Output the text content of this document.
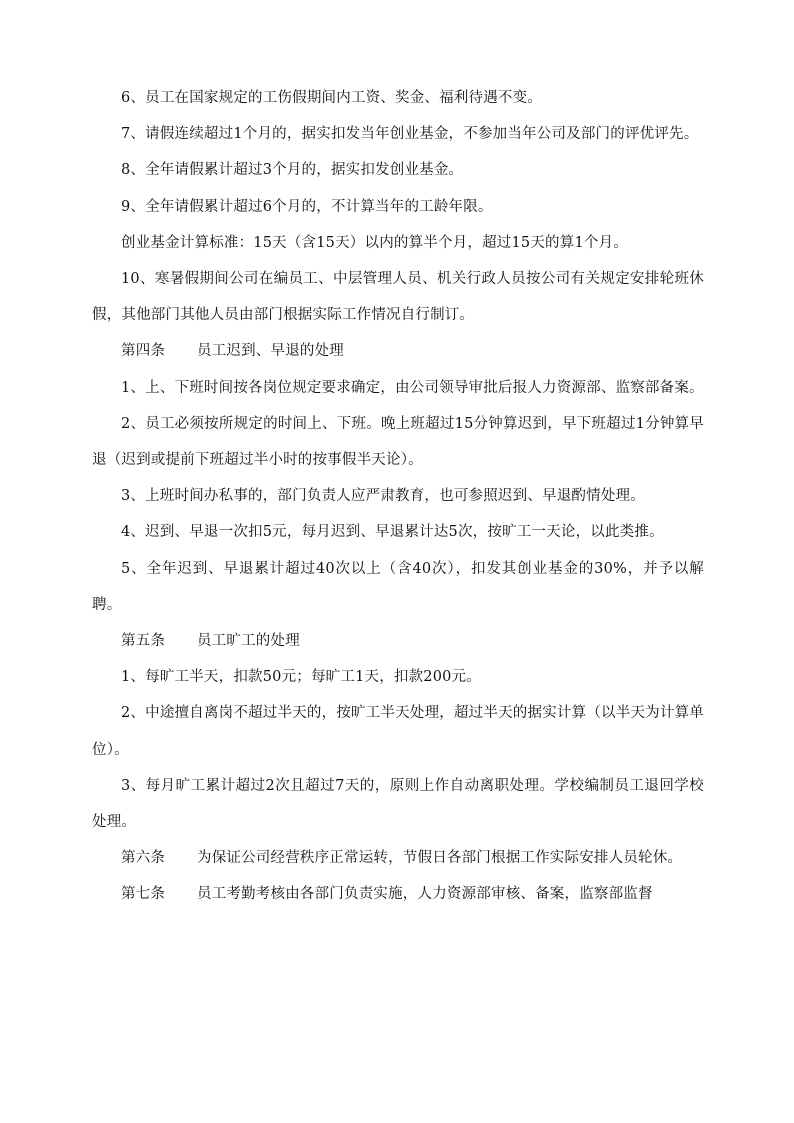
6、员工在国家规定的工伤假期间内工资、奖金、福利待遇不变。

7、请假连续超过1个月的，据实扣发当年创业基金，不参加当年公司及部门的评优评先。

8、全年请假累计超过3个月的，据实扣发创业基金。

9、全年请假累计超过6个月的，不计算当年的工龄年限。

创业基金计算标准：15天（含15天）以内的算半个月，超过15天的算1个月。

10、寒暑假期间公司在编员工、中层管理人员、机关行政人员按公司有关规定安排轮班休假，其他部门其他人员由部门根据实际工作情况自行制订。

第四条 员工迟到、早退的处理

1、上、下班时间按各岗位规定要求确定，由公司领导审批后报人力资源部、监察部备案。

2、员工必须按所规定的时间上、下班。晚上班超过15分钟算迟到，早下班超过1分钟算早退（迟到或提前下班超过半小时的按事假半天论）。

3、上班时间办私事的，部门负责人应严肃教育，也可参照迟到、早退酌情处理。

4、迟到、早退一次扣5元，每月迟到、早退累计达5次，按旷工一天论，以此类推。

5、全年迟到、早退累计超过40次以上（含40次），扣发其创业基金的30%，并予以解聘。

第五条 员工旷工的处理

1、每旷工半天，扣款50元；每旷工1天，扣款200元。

2、中途擅自离岗不超过半天的，按旷工半天处理，超过半天的据实计算（以半天为计算单位）。

3、每月旷工累计超过2次且超过7天的，原则上作自动离职处理。学校编制员工退回学校处理。

第六条 为保证公司经营秩序正常运转，节假日各部门根据工作实际安排人员轮休。

第七条 员工考勤考核由各部门负责实施，人力资源部审核、备案，监察部监督
